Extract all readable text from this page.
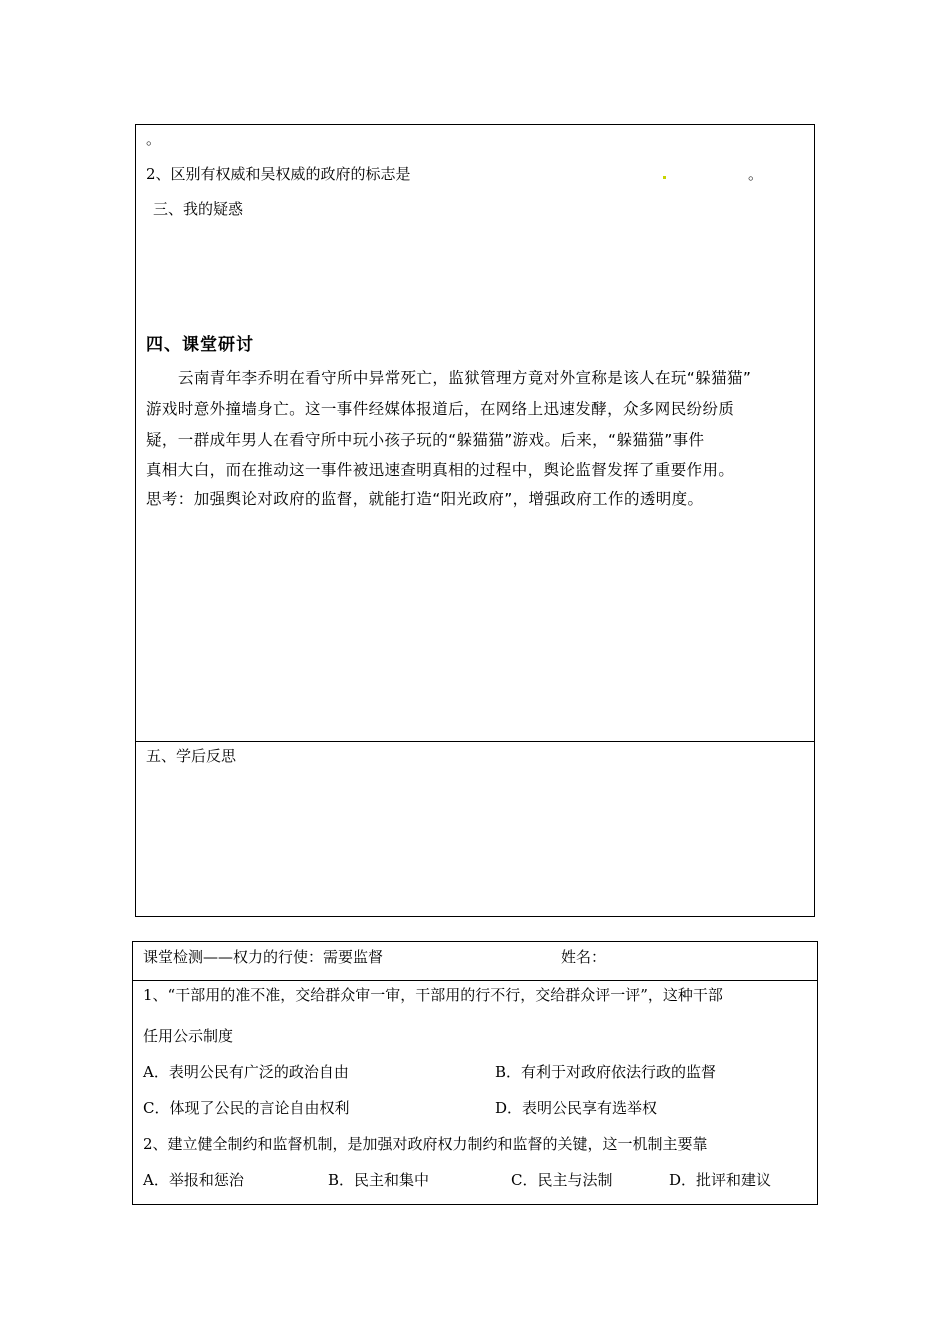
。
2、区别有权威和吴权威的政府的标志是	。
三、我的疑惑
四、课堂研讨
云南青年李乔明在看守所中异常死亡，监狱管理方竟对外宣称是该人在玩“躲猫猫”
游戏时意外撞墙身亡。这一事件经媒体报道后，在网络上迅速发酵，众多网民纷纷质
疑，一群成年男人在看守所中玩小孩子玩的“躲猫猫”游戏。后来，“躲猫猫”事件
真相大白，而在推动这一事件被迅速查明真相的过程中，舆论监督发挥了重要作用。
思考：加强舆论对政府的监督，就能打造“阳光政府”，增强政府工作的透明度。
五、学后反思
课堂检测——权力的行使：需要监督	姓名：
1、“干部用的准不准，交给群众审一审，干部用的行不行，交给群众评一评”，这种干部
任用公示制度
A．表明公民有广泛的政治自由	B．有利于对政府依法行政的监督
C．体现了公民的言论自由权利	D．表明公民享有选举权
2、建立健全制约和监督机制，是加强对政府权力制约和监督的关键，这一机制主要靠
A．举报和惩治	B．民主和集中	C．民主与法制	D．批评和建议
